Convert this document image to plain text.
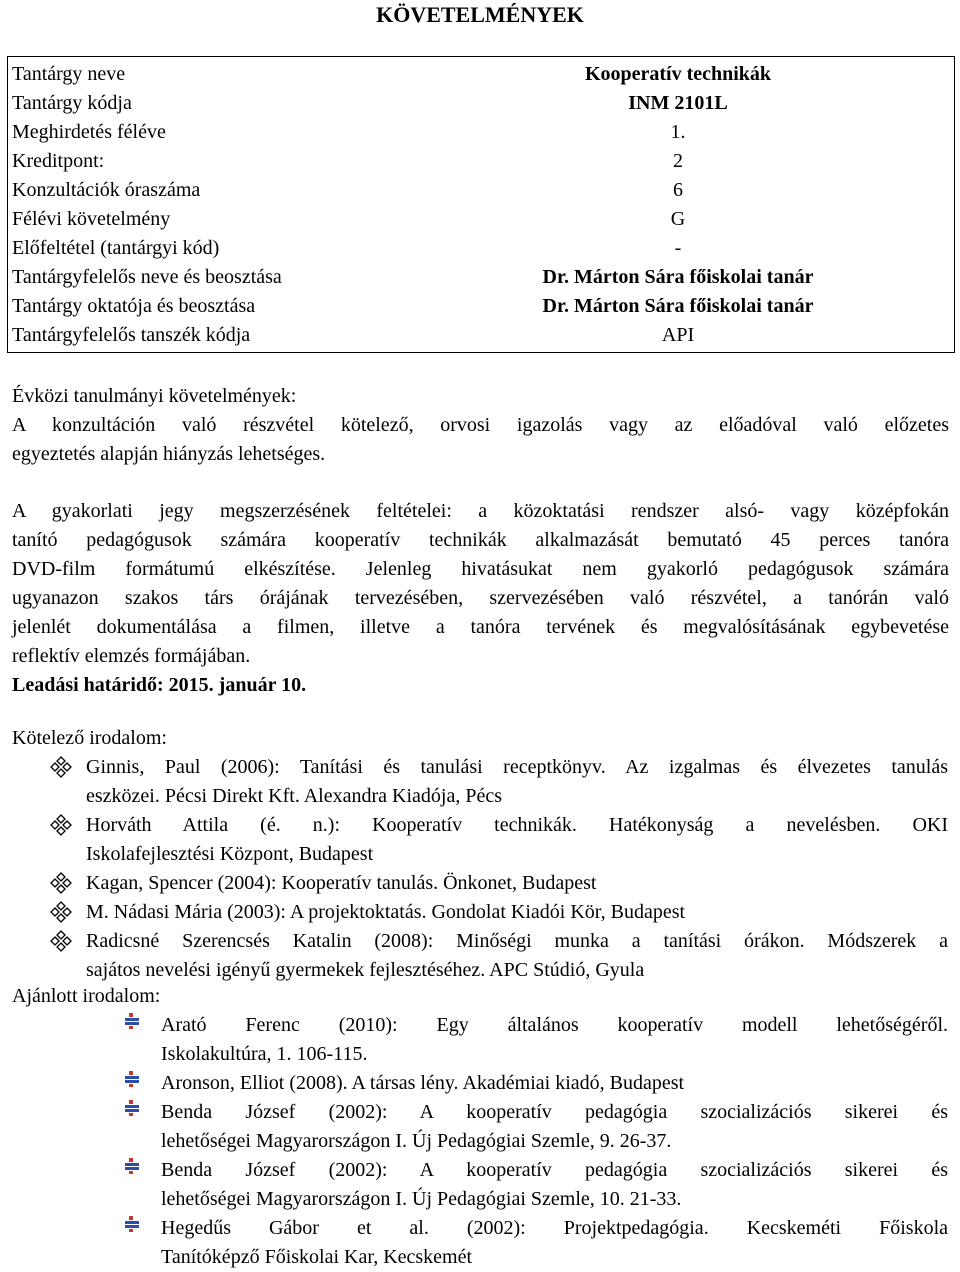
KÖVETELMÉNYEK
Tantárgy neve	Kooperatív technikák
Tantárgy kódja	INM 2101L
Meghirdetés féléve	1.
Kreditpont:	2
Konzultációk óraszáma	6
Félévi követelmény	G
Előfeltétel (tantárgyi kód)	-
Tantárgyfelelős neve és beosztása	Dr. Márton Sára főiskolai tanár
Tantárgy oktatója és beosztása	Dr. Márton Sára főiskolai tanár
Tantárgyfelelős tanszék kódja	API
Évközi tanulmányi követelmények:
A konzultáción való részvétel kötelező, orvosi igazolás vagy az előadóval való előzetes
egyeztetés alapján hiányzás lehetséges.
A gyakorlati jegy megszerzésének feltételei: a közoktatási rendszer alsó- vagy középfokán
tanító pedagógusok számára kooperatív technikák alkalmazását bemutató 45 perces tanóra
DVD-film formátumú elkészítése. Jelenleg hivatásukat nem gyakorló pedagógusok számára
ugyanazon szakos társ órájának tervezésében, szervezésében való részvétel, a tanórán való
jelenlét dokumentálása a filmen, illetve a tanóra tervének és megvalósításának egybevetése
reflektív elemzés formájában.
Leadási határidő: 2015. január 10.
Kötelező irodalom:
Ginnis, Paul (2006): Tanítási és tanulási receptkönyv. Az izgalmas és élvezetes tanulás
eszközei. Pécsi Direkt Kft. Alexandra Kiadója, Pécs
Horváth Attila (é. n.): Kooperatív technikák. Hatékonyság a nevelésben. OKI
Iskolafejlesztési Központ, Budapest
Kagan, Spencer (2004): Kooperatív tanulás. Önkonet, Budapest
M. Nádasi Mária (2003): A projektoktatás. Gondolat Kiadói Kör, Budapest
Radicsné Szerencsés Katalin (2008): Minőségi munka a tanítási órákon. Módszerek a
sajátos nevelési igényű gyermekek fejlesztéséhez. APC Stúdió, Gyula
Ajánlott irodalom:
Arató Ferenc (2010): Egy általános kooperatív modell lehetőségéről.
Iskolakultúra, 1. 106-115.
Aronson, Elliot (2008). A társas lény. Akadémiai kiadó, Budapest
Benda József (2002): A kooperatív pedagógia szocializációs sikerei és
lehetőségei Magyarországon I. Új Pedagógiai Szemle, 9. 26-37.
Benda József (2002): A kooperatív pedagógia szocializációs sikerei és
lehetőségei Magyarországon I. Új Pedagógiai Szemle, 10. 21-33.
Hegedűs Gábor et al. (2002): Projektpedagógia. Kecskeméti Főiskola
Tanítóképző Főiskolai Kar, Kecskemét
